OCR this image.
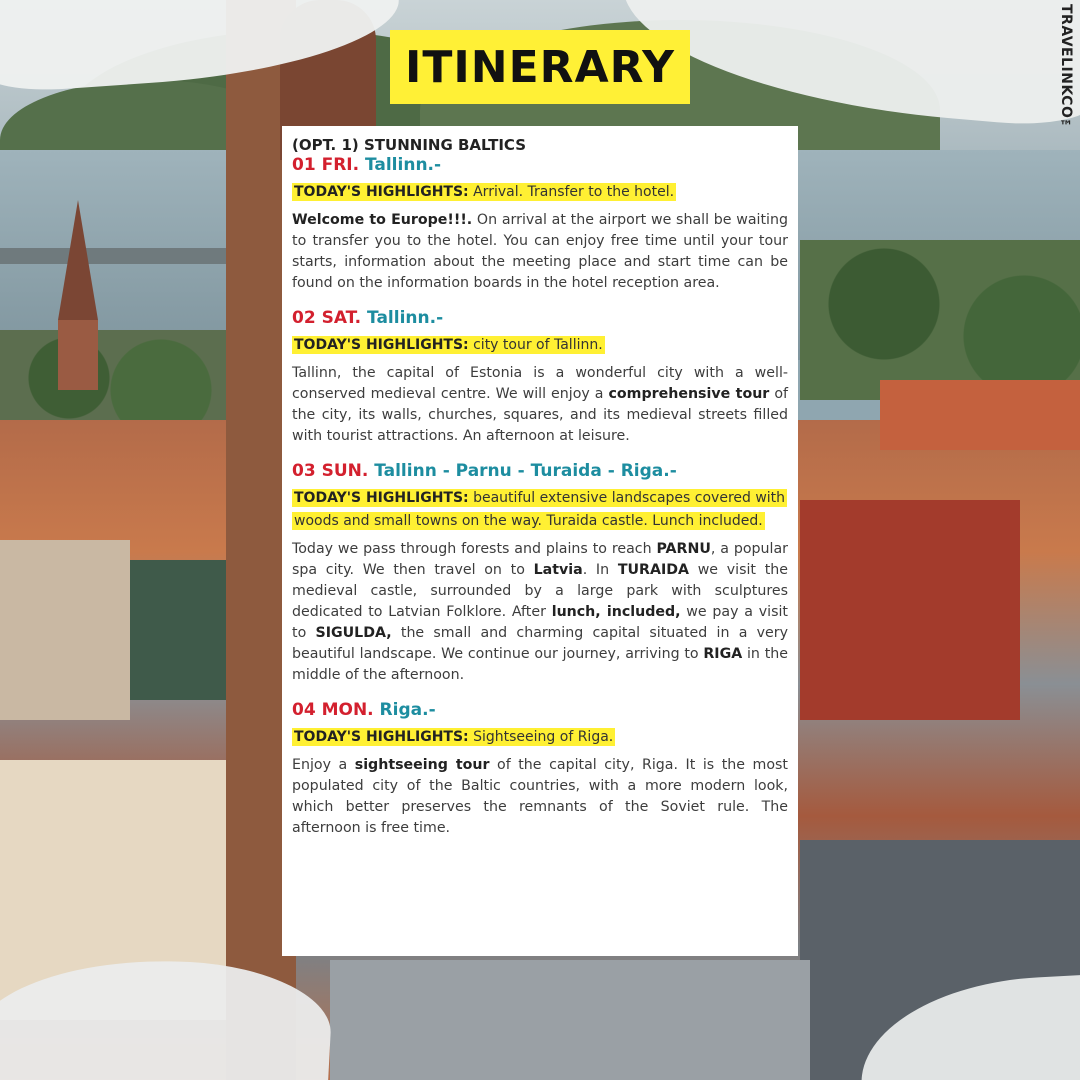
ITINERARY	TRAVELINKCO™
(OPT. 1) STUNNING BALTICS
01 FRI. Tallinn.-
TODAY'S HIGHLIGHTS: Arrival. Transfer to the hotel.
Welcome to Europe!!!. On arrival at the airport we shall be waiting to transfer you to the hotel. You can enjoy free time until your tour starts, information about the meeting place and start time can be found on the information boards in the hotel reception area.
02 SAT. Tallinn.-
TODAY'S HIGHLIGHTS: city tour of Tallinn.
Tallinn, the capital of Estonia is a wonderful city with a well-conserved medieval centre. We will enjoy a comprehensive tour of the city, its walls, churches, squares, and its medieval streets filled with tourist attractions. An afternoon at leisure.
03 SUN. Tallinn - Parnu - Turaida - Riga.-
TODAY'S HIGHLIGHTS: beautiful extensive landscapes covered with woods and small towns on the way. Turaida castle. Lunch included.
Today we pass through forests and plains to reach PARNU, a popular spa city. We then travel on to Latvia. In TURAIDA we visit the medieval castle, surrounded by a large park with sculptures dedicated to Latvian Folklore. After lunch, included, we pay a visit to SIGULDA, the small and charming capital situated in a very beautiful landscape. We continue our journey, arriving to RIGA in the middle of the afternoon.
04 MON. Riga.-
TODAY'S HIGHLIGHTS: Sightseeing of Riga.
Enjoy a sightseeing tour of the capital city, Riga. It is the most populated city of the Baltic countries, with a more modern look, which better preserves the remnants of the Soviet rule. The afternoon is free time.
